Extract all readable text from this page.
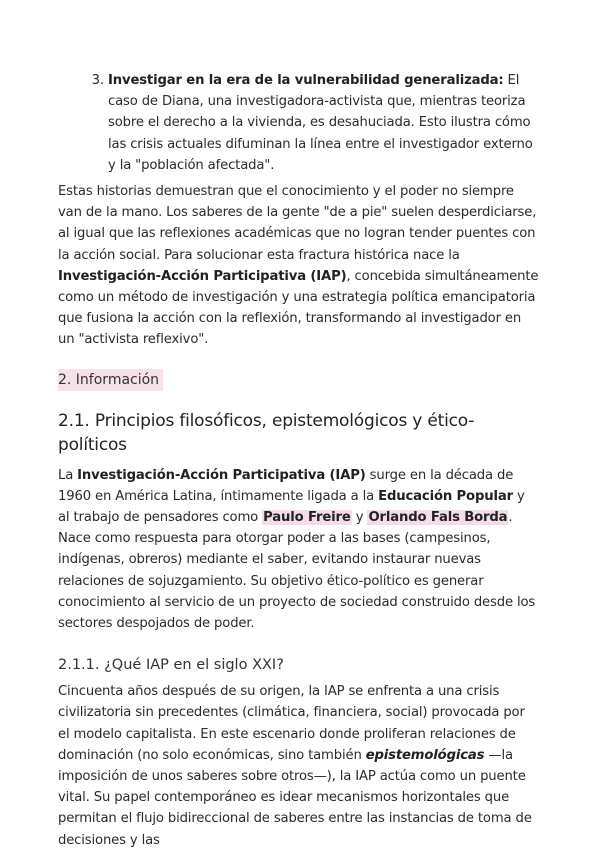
3. Investigar en la era de la vulnerabilidad generalizada: El caso de Diana, una investigadora-activista que, mientras teoriza sobre el derecho a la vivienda, es desahuciada. Esto ilustra cómo las crisis actuales difuminan la línea entre el investigador externo y la "población afectada".

Estas historias demuestran que el conocimiento y el poder no siempre van de la mano. Los saberes de la gente "de a pie" suelen desperdiciarse, al igual que las reflexiones académicas que no logran tender puentes con la acción social. Para solucionar esta fractura histórica nace la Investigación-Acción Participativa (IAP), concebida simultáneamente como un método de investigación y una estrategia política emancipatoria que fusiona la acción con la reflexión, transformando al investigador en un "activista reflexivo".

2. Información
2.1. Principios filosóficos, epistemológicos y ético-políticos

La Investigación-Acción Participativa (IAP) surge en la década de 1960 en América Latina, íntimamente ligada a la Educación Popular y al trabajo de pensadores como Paulo Freire y Orlando Fals Borda. Nace como respuesta para otorgar poder a las bases (campesinos, indígenas, obreros) mediante el saber, evitando instaurar nuevas relaciones de sojuzgamiento. Su objetivo ético-político es generar conocimiento al servicio de un proyecto de sociedad construido desde los sectores despojados de poder.

2.1.1. ¿Qué IAP en el siglo XXI?

Cincuenta años después de su origen, la IAP se enfrenta a una crisis civilizatoria sin precedentes (climática, financiera, social) provocada por el modelo capitalista. En este escenario donde proliferan relaciones de dominación (no solo económicas, sino también epistemológicas —la imposición de unos saberes sobre otros—), la IAP actúa como un puente vital. Su papel contemporáneo es idear mecanismos horizontales que permitan el flujo bidireccional de saberes entre las instancias de toma de decisiones y las
